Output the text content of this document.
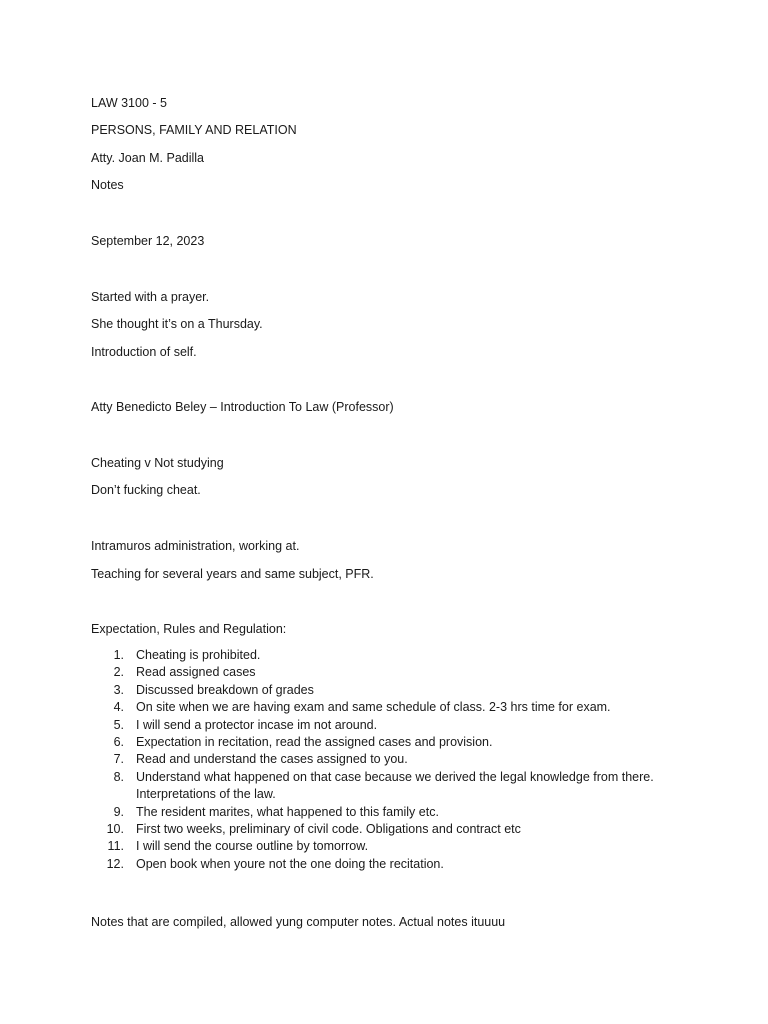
LAW 3100 - 5
PERSONS, FAMILY AND RELATION
Atty. Joan M. Padilla
Notes
September 12, 2023
Started with a prayer.
She thought it’s on a Thursday.
Introduction of self.
Atty Benedicto Beley – Introduction To Law (Professor)
Cheating v Not studying
Don’t fucking cheat.
Intramuros administration, working at.
Teaching for several years and same subject, PFR.
Expectation, Rules and Regulation:
1. Cheating is prohibited.
2. Read assigned cases
3. Discussed breakdown of grades
4. On site when we are having exam and same schedule of class. 2-3 hrs time for exam.
5. I will send a protector incase im not around.
6. Expectation in recitation, read the assigned cases and provision.
7. Read and understand the cases assigned to you.
8. Understand what happened on that case because we derived the legal knowledge from there.
Interpretations of the law.
9. The resident marites, what happened to this family etc.
10. First two weeks, preliminary of civil code. Obligations and contract etc
11. I will send the course outline by tomorrow.
12. Open book when youre not the one doing the recitation.
Notes that are compiled, allowed yung computer notes. Actual notes ituuuu
